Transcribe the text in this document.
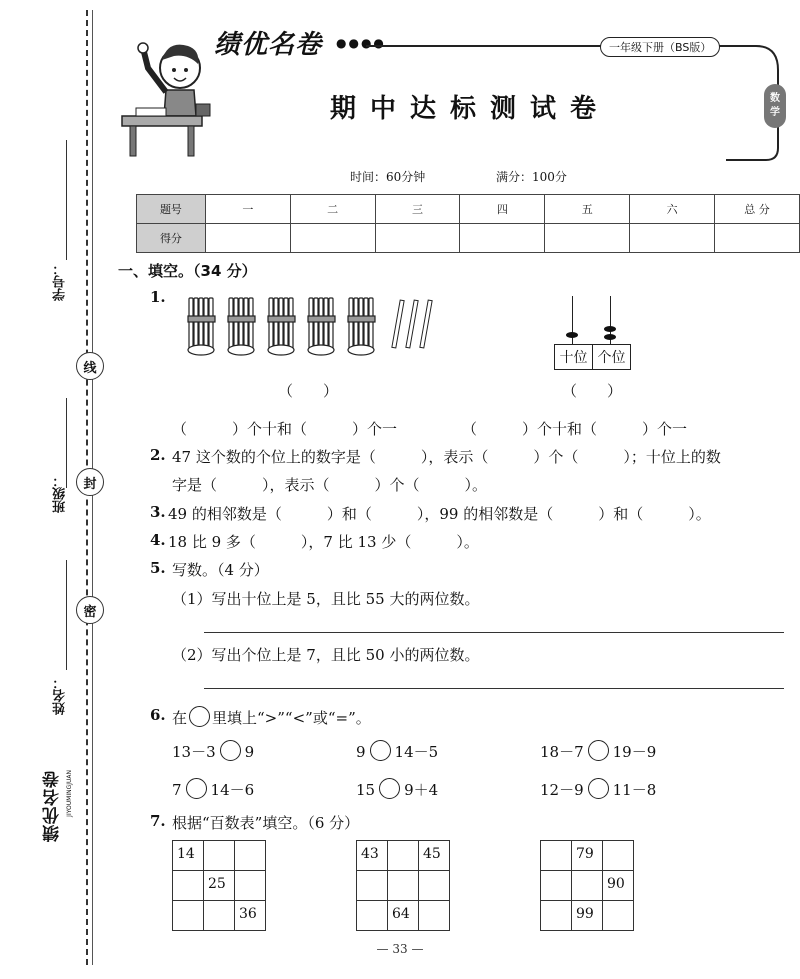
学号：
线
班级： 封
密
姓名：
绩优名卷 JIYOUMINGJUAN
绩优名卷 ●●●●	一年级下册（BS版）
数
学
期中达标测试卷
时间：60分钟	满分：100分
题号	一	二	三	四	五	六	总 分
得分							
一、填空。（34 分）
1.
十位 个位
（　　）	（　　）
（　　　）个十和（　　　）个一	（　　　）个十和（　　　）个一
2. 47 这个数的个位上的数字是（　　　），表示（　　　）个（　　　）；十位上的数
字是（　　　），表示（　　　）个（　　　）。
3. 49 的相邻数是（　　　）和（　　　），99 的相邻数是（　　　）和（　　　）。
4. 18 比 9 多（　　　），7 比 13 少（　　　）。
5. 写数。（4 分）
（1）写出十位上是 5，且比 55 大的两位数。
（2）写出个位上是 7，且比 50 小的两位数。
6. 在 里填上“>”“<”或“=”。
13－3 9	9 14－5	18－7 19－9
7 14－6	15 9＋4	12－9 11－8
7. 根据“百数表”填空。（6 分）
14		

	25	

		36
43		45

	64	

	79	

		90

	99	

— 33 —
